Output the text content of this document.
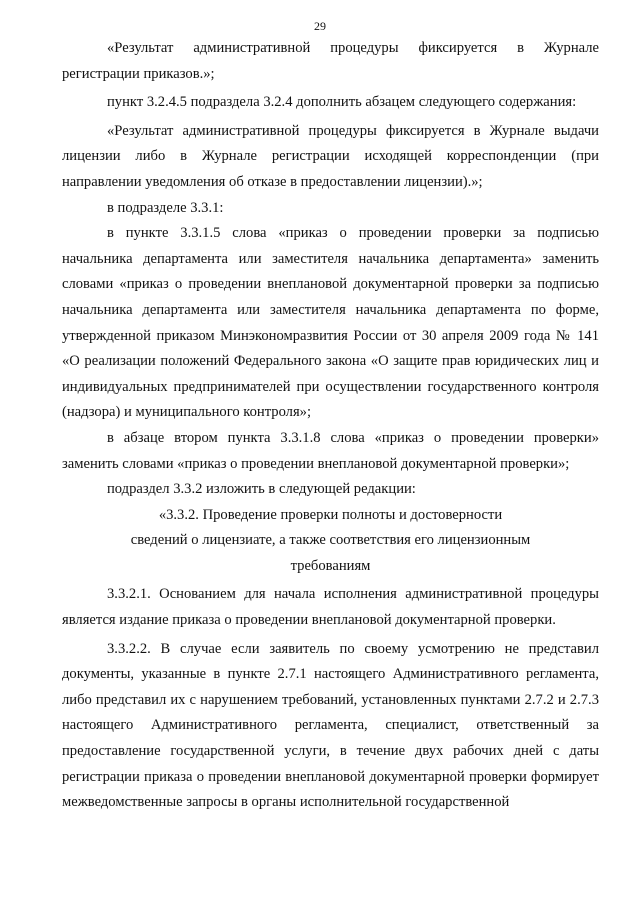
29

«Результат административной процедуры фиксируется в Журнале регистрации приказов.»;

пункт 3.2.4.5 подраздела 3.2.4 дополнить абзацем следующего содержания:

«Результат административной процедуры фиксируется в Журнале выдачи лицензии либо в Журнале регистрации исходящей корреспонденции (при направлении уведомления об отказе в предоставлении лицензии).»;

в подразделе 3.3.1:

в пункте 3.3.1.5 слова «приказ о проведении проверки за подписью начальника департамента или заместителя начальника департамента» заменить словами «приказ о проведении внеплановой документарной проверки за подписью начальника департамента или заместителя начальника департамента по форме, утвержденной приказом Минэкономразвития России от 30 апреля 2009 года № 141 «О реализации положений Федерального закона «О защите прав юридических лиц и индивидуальных предпринимателей при осуществлении государственного контроля (надзора) и муниципального контроля»;

в абзаце втором пункта 3.3.1.8 слова «приказ о проведении проверки» заменить словами «приказ о проведении внеплановой документарной проверки»;

подраздел 3.3.2 изложить в следующей редакции:

«3.3.2. Проведение проверки полноты и достоверности

сведений о лицензиате, а также соответствия его лицензионным

требованиям

3.3.2.1. Основанием для начала исполнения административной процедуры является издание приказа о проведении внеплановой документарной проверки.

3.3.2.2. В случае если заявитель по своему усмотрению не представил документы, указанные в пункте 2.7.1 настоящего Административного регламента, либо представил их с нарушением требований, установленных пунктами 2.7.2 и 2.7.3 настоящего Административного регламента, специалист, ответственный за предоставление государственной услуги, в течение двух рабочих дней с даты регистрации приказа о проведении внеплановой документарной проверки формирует межведомственные запросы в органы исполнительной государственной
